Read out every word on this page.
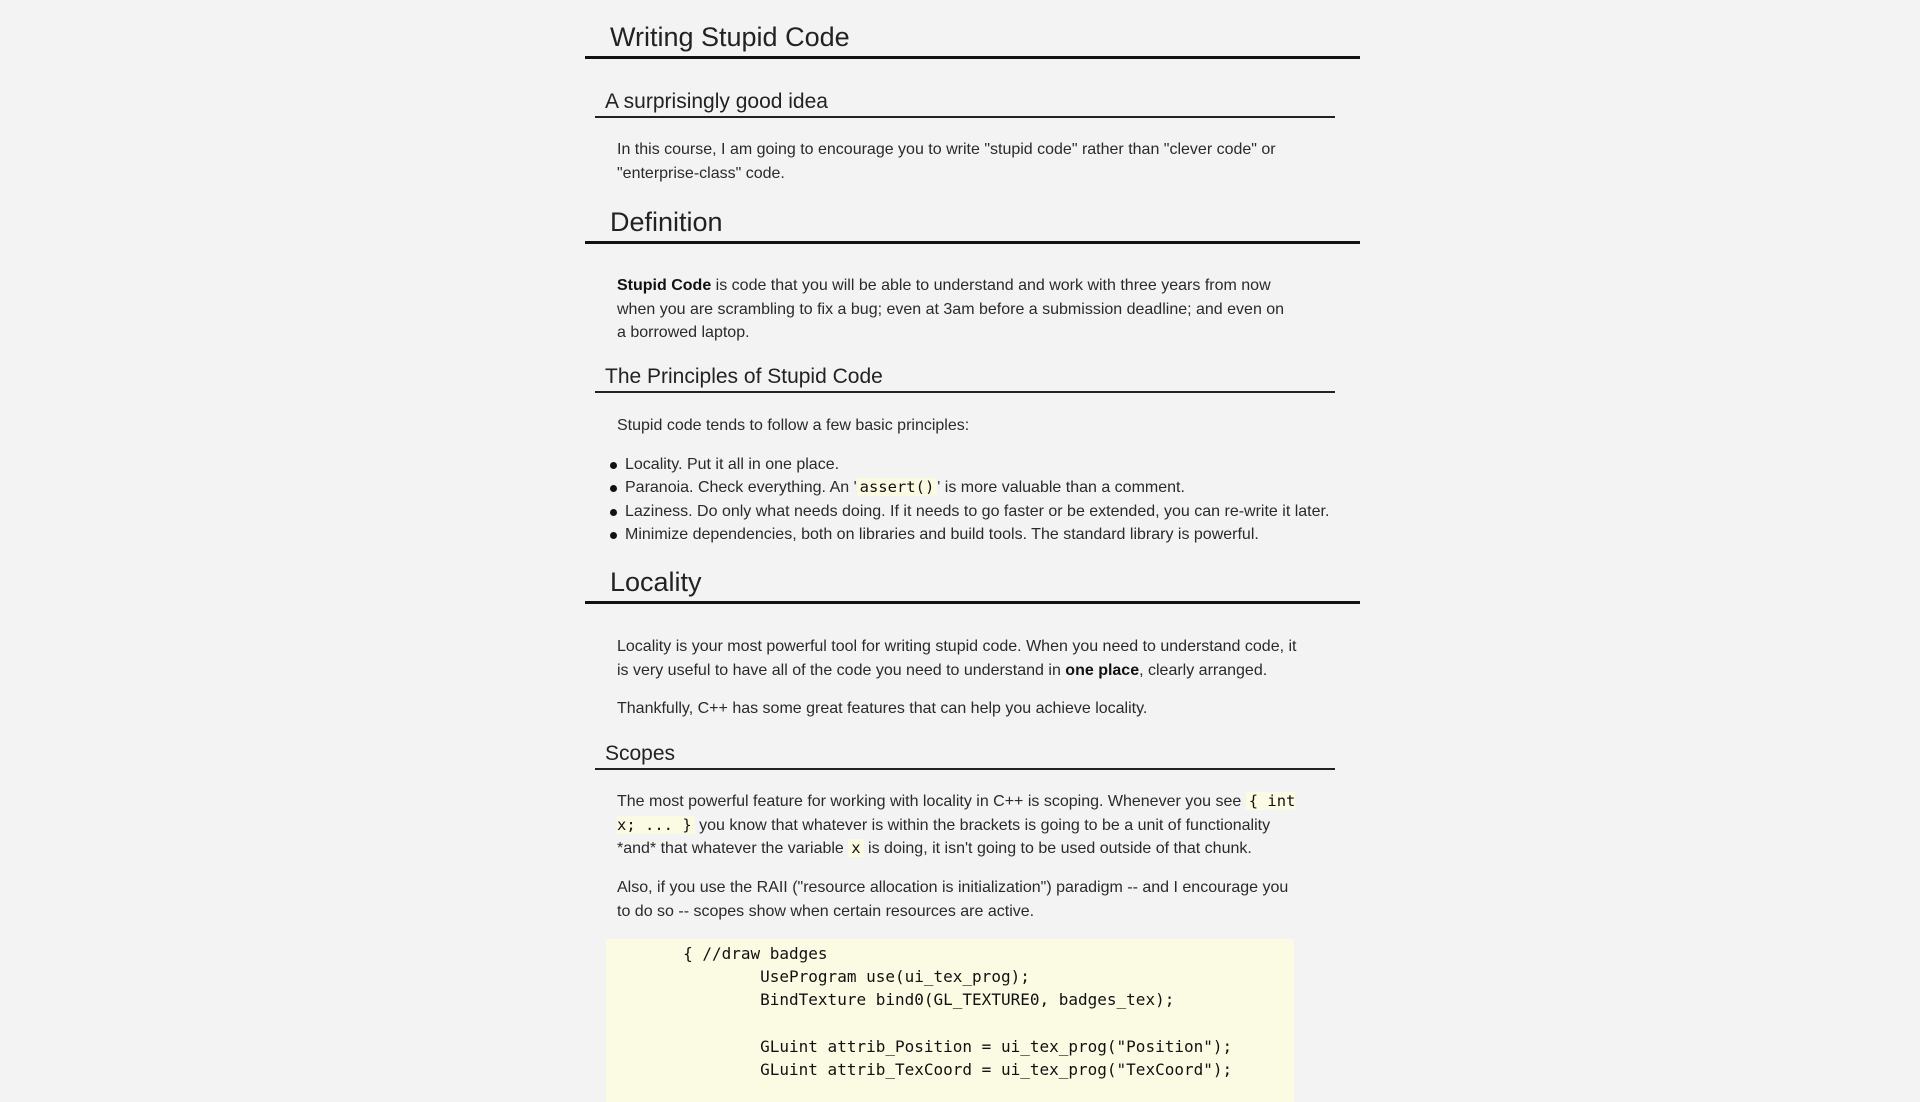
Writing Stupid Code
A surprisingly good idea

In this course, I am going to encourage you to write "stupid code" rather than "clever code" or "enterprise-class" code.

Definition

Stupid Code is code that you will be able to understand and work with three years from now when you are scrambling to fix a bug; even at 3am before a submission deadline; and even on a borrowed laptop.

The Principles of Stupid Code

Stupid code tends to follow a few basic principles:

Locality. Put it all in one place.
Paranoia. Check everything. An ' assert() ' is more valuable than a comment.
Laziness. Do only what needs doing. If it needs to go faster or be extended, you can re-write it later.
Minimize dependencies, both on libraries and build tools. The standard library is powerful.
Locality

Locality is your most powerful tool for writing stupid code. When you need to understand code, it is very useful to have all of the code you need to understand in one place, clearly arranged.

Thankfully, C++ has some great features that can help you achieve locality.

Scopes

The most powerful feature for working with locality in C++ is scoping. Whenever you see { int x; ... } you know that whatever is within the brackets is going to be a unit of functionality *and* that whatever the variable x is doing, it isn't going to be used outside of that chunk.

Also, if you use the RAII ("resource allocation is initialization") paradigm -- and I encourage you to do so -- scopes show when certain resources are active.

	{ //draw badges
		UseProgram use(ui_tex_prog);
		BindTexture bind0(GL_TEXTURE0, badges_tex);

		GLuint attrib_Position = ui_tex_prog("Position");
		GLuint attrib_TexCoord = ui_tex_prog("TexCoord");
